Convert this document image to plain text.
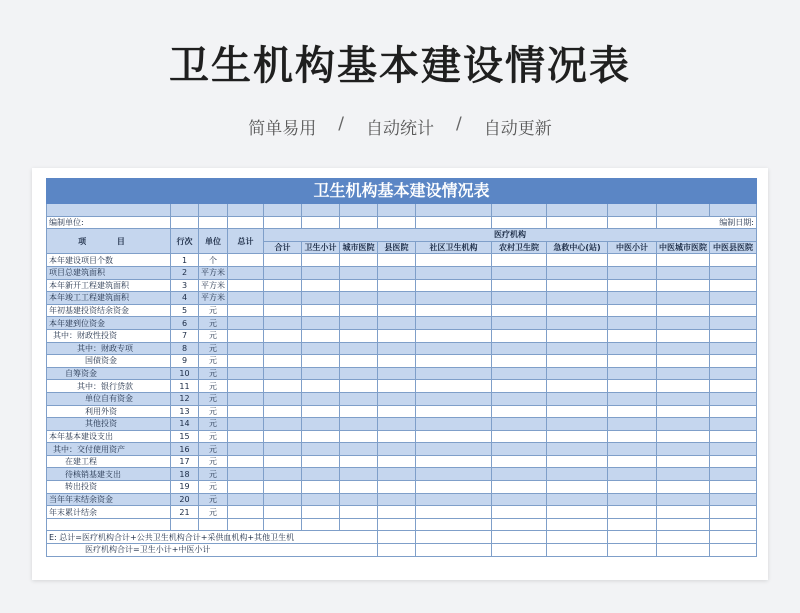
卫生机构基本建设情况表
简单易用 / 自动统计 / 自动更新
卫生机构基本建设情况表													

编制单位:												编制日期:	
项 目	行次	单位	总计	医疗机构									
				合计	卫生小计	城市医院	县医院	社区卫生机构	农村卫生院	急救中心(站)	中医小计	中医城市医院	中医县医院
本年建设项目个数	1	个											
项目总建筑面积	2	平方米											
本年新开工程建筑面积	3	平方米											
本年竣工工程建筑面积	4	平方米											
年初基建投资结余资金	5	元											
本年建到位资金	6	元											
其中：财政性投资	7	元											
其中：财政专项	8	元											
国债资金	9	元											
自筹资金	10	元											
其中：银行贷款	11	元											
单位自有资金	12	元											
利用外资	13	元											
其他投资	14	元											
本年基本建设支出	15	元											
其中：交付使用资产	16	元											
在建工程	17	元											
待核销基建支出	18	元											
转出投资	19	元											
当年年末结余资金	20	元											
年末累计结余	21	元											

E: 总计=医疗机构合计+公共卫生机构合计+采供血机构+其他卫生机													
医疗机构合计=卫生小计+中医小计													
